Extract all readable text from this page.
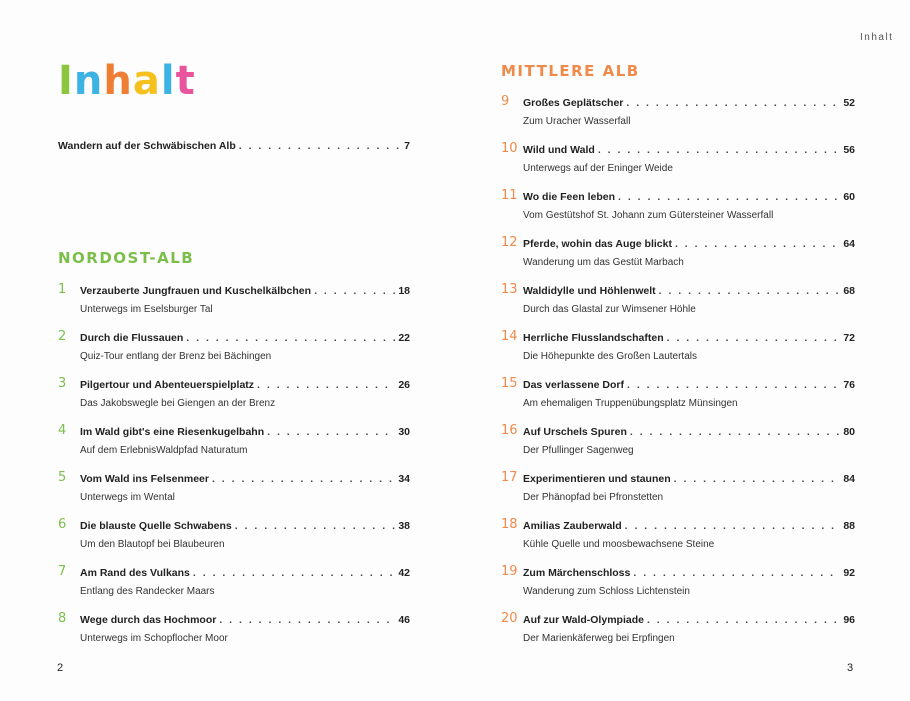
Inhalt
Inhalt
Wandern auf der Schwäbischen Alb . . .	7
NORDOST-ALB
1 Verzauberte Jungfrauen und Kuschelkälbchen . . .	18
Unterwegs im Eselsburger Tal
2 Durch die Flussauen . . .	22
Quiz-Tour entlang der Brenz bei Bächingen
3 Pilgertour und Abenteuerspielplatz . . .	26
Das Jakobswegle bei Giengen an der Brenz
4 Im Wald gibt's eine Riesenkugelbahn . . .	30
Auf dem ErlebnisWaldpfad Naturatum
5 Vom Wald ins Felsenmeer . . .	34
Unterwegs im Wental
6 Die blauste Quelle Schwabens . . .	38
Um den Blautopf bei Blaubeuren
7 Am Rand des Vulkans . . .	42
Entlang des Randecker Maars
8 Wege durch das Hochmoor . . .	46
Unterwegs im Schopflocher Moor
MITTLERE ALB
9 Großes Geplätscher . . .	52
Zum Uracher Wasserfall
10 Wild und Wald . . .	56
Unterwegs auf der Eninger Weide
11 Wo die Feen leben . . .	60
Vom Gestütshof St. Johann zum Gütersteiner Wasserfall
12 Pferde, wohin das Auge blickt . . .	64
Wanderung um das Gestüt Marbach
13 Waldidylle und Höhlenwelt . . .	68
Durch das Glastal zur Wimsener Höhle
14 Herrliche Flusslandschaften . . .	72
Die Höhepunkte des Großen Lautertals
15 Das verlassene Dorf . . .	76
Am ehemaligen Truppenübungsplatz Münsingen
16 Auf Urschels Spuren . . .	80
Der Pfullinger Sagenweg
17 Experimentieren und staunen . . .	84
Der Phänopfad bei Pfronstetten
18 Amilias Zauberwald . . .	88
Kühle Quelle und moosbewachsene Steine
19 Zum Märchenschloss . . .	92
Wanderung zum Schloss Lichtenstein
20 Auf zur Wald-Olympiade . . .	96
Der Marienkäferweg bei Erpfingen
2	3
